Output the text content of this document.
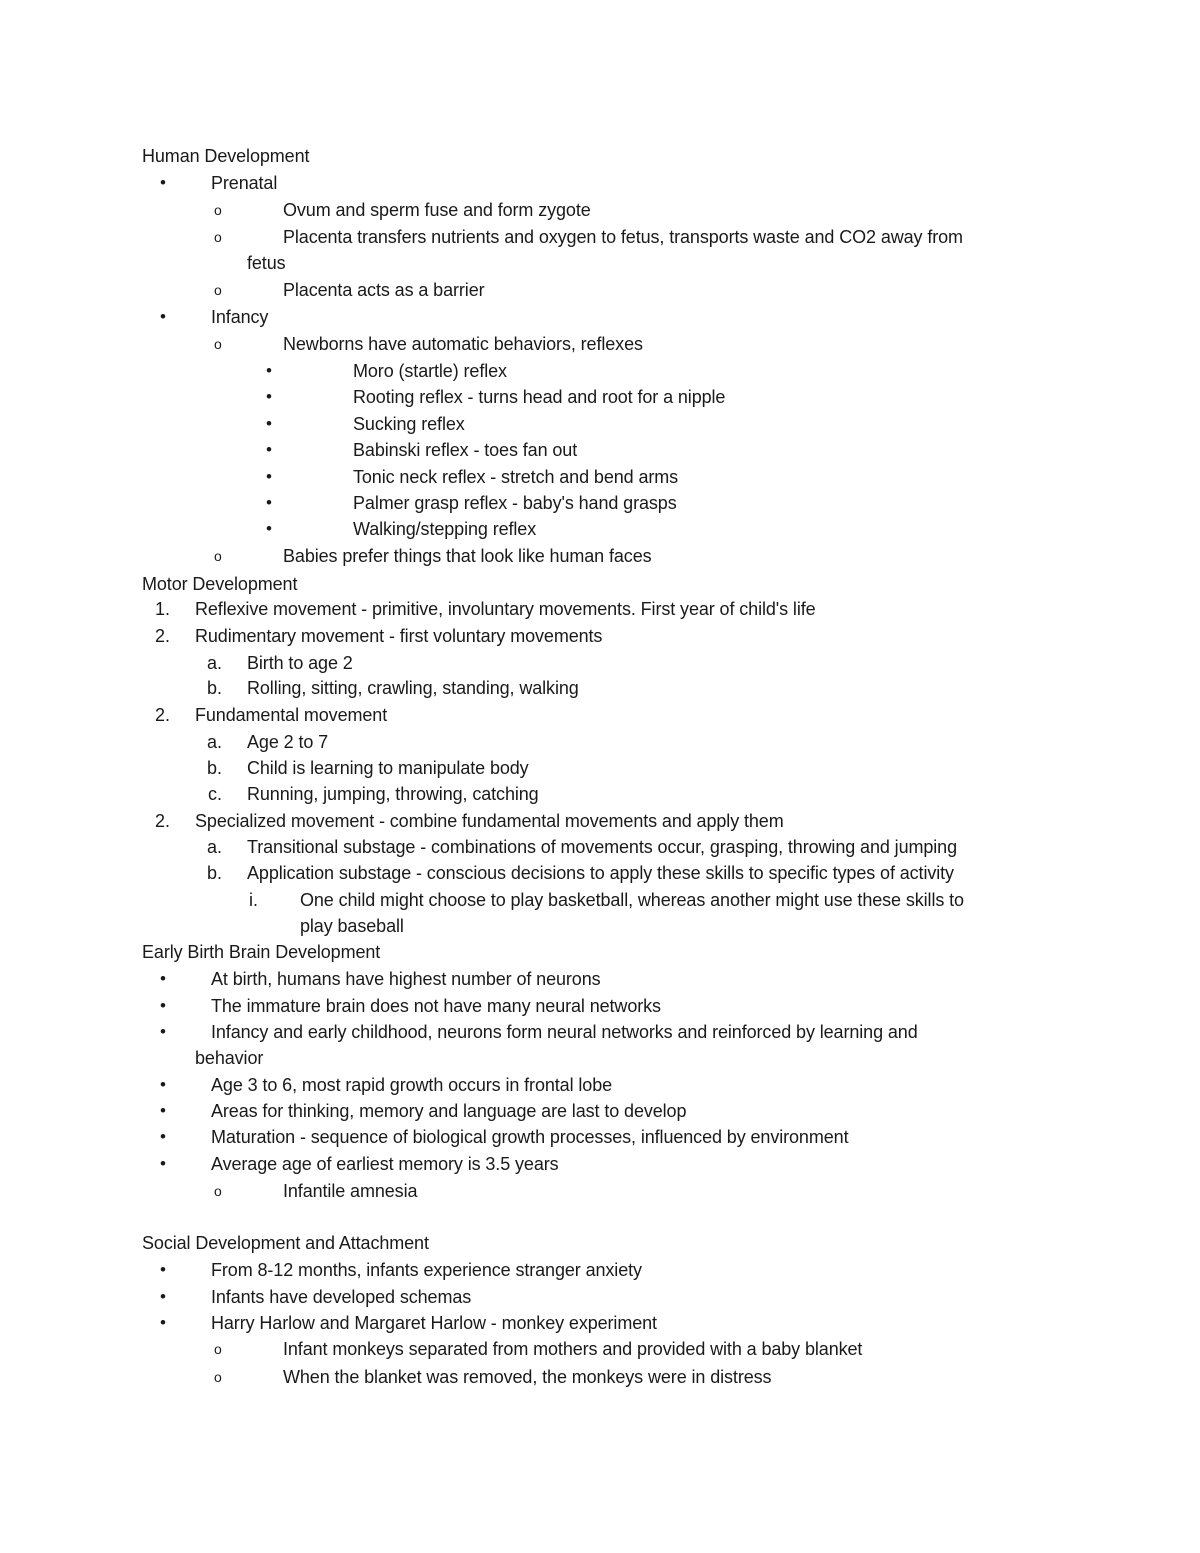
Human Development
•	Prenatal
o	Ovum and sperm fuse and form zygote
o	Placenta transfers nutrients and oxygen to fetus, transports waste and CO2 away from
fetus
o	Placenta acts as a barrier
•	Infancy
o	Newborns have automatic behaviors, reflexes
•	Moro (startle) reflex
•	Rooting reflex - turns head and root for a nipple
•	Sucking reflex
•	Babinski reflex - toes fan out
•	Tonic neck reflex - stretch and bend arms
•	Palmer grasp reflex - baby's hand grasps
•	Walking/stepping reflex
o	Babies prefer things that look like human faces
Motor Development
1. Reflexive movement - primitive, involuntary movements. First year of child's life
2. Rudimentary movement - first voluntary movements
a. Birth to age 2
b. Rolling, sitting, crawling, standing, walking
2. Fundamental movement
a. Age 2 to 7
b. Child is learning to manipulate body
c. Running, jumping, throwing, catching
2. Specialized movement - combine fundamental movements and apply them
a. Transitional substage - combinations of movements occur, grasping, throwing and jumping
b. Application substage - conscious decisions to apply these skills to specific types of activity
i. One child might choose to play basketball, whereas another might use these skills to
play baseball
Early Birth Brain Development
•	At birth, humans have highest number of neurons
•	The immature brain does not have many neural networks
•	Infancy and early childhood, neurons form neural networks and reinforced by learning and
behavior
•	Age 3 to 6, most rapid growth occurs in frontal lobe
•	Areas for thinking, memory and language are last to develop
•	Maturation - sequence of biological growth processes, influenced by environment
•	Average age of earliest memory is 3.5 years
o	Infantile amnesia
Social Development and Attachment
•	From 8-12 months, infants experience stranger anxiety
•	Infants have developed schemas
•	Harry Harlow and Margaret Harlow - monkey experiment
o	Infant monkeys separated from mothers and provided with a baby blanket
o	When the blanket was removed, the monkeys were in distress
